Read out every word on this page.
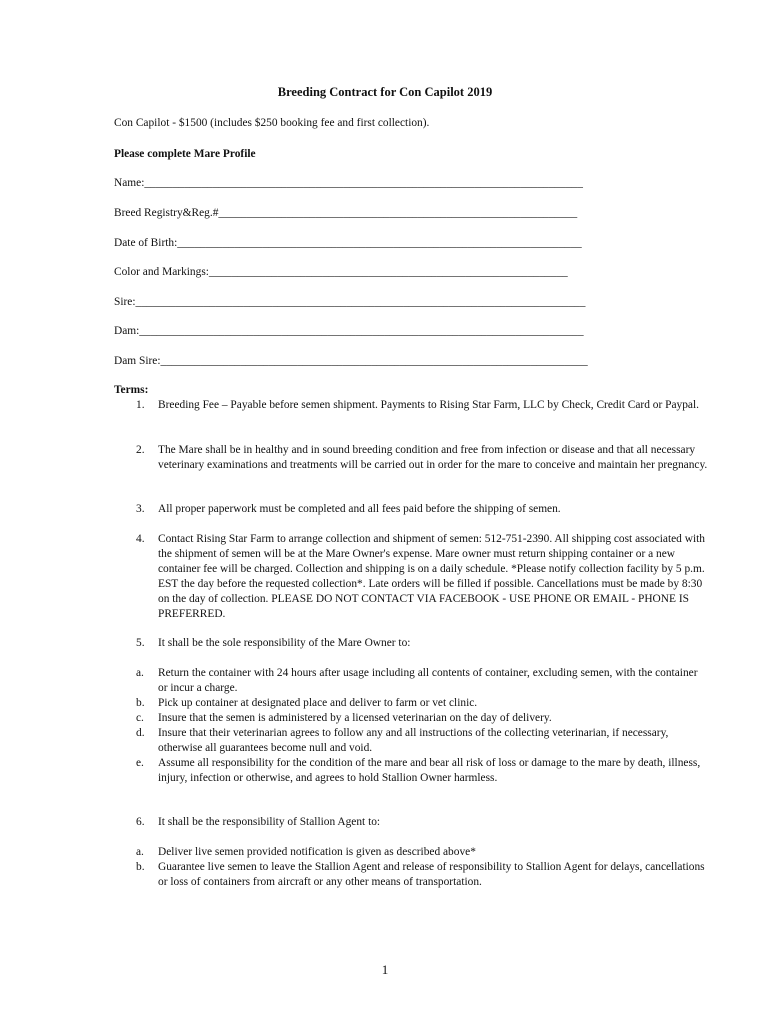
Breeding Contract for Con Capilot 2019
Con Capilot - $1500 (includes $250 booking fee and first collection).
Please complete Mare Profile
Name:_____________________________________________________________________________
Breed Registry&Reg.#_______________________________________________________________
Date of Birth:_______________________________________________________________________
Color and Markings:_______________________________________________________________
Sire:_______________________________________________________________________________
Dam:______________________________________________________________________________
Dam Sire:___________________________________________________________________________
Terms:
1. Breeding Fee – Payable before semen shipment. Payments to Rising Star Farm, LLC by Check, Credit Card or Paypal.
2. The Mare shall be in healthy and in sound breeding condition and free from infection or disease and that all necessary veterinary examinations and treatments will be carried out in order for the mare to conceive and maintain her pregnancy.
3. All proper paperwork must be completed and all fees paid before the shipping of semen.
4. Contact Rising Star Farm to arrange collection and shipment of semen: 512-751-2390. All shipping cost associated with the shipment of semen will be at the Mare Owner's expense. Mare owner must return shipping container or a new container fee will be charged. Collection and shipping is on a daily schedule. *Please notify collection facility by 5 p.m. EST the day before the requested collection*. Late orders will be filled if possible. Cancellations must be made by 8:30 on the day of collection. PLEASE DO NOT CONTACT VIA FACEBOOK - USE PHONE OR EMAIL - PHONE IS PREFERRED.
5. It shall be the sole responsibility of the Mare Owner to:
a. Return the container with 24 hours after usage including all contents of container, excluding semen, with the container or incur a charge.
b. Pick up container at designated place and deliver to farm or vet clinic.
c. Insure that the semen is administered by a licensed veterinarian on the day of delivery.
d. Insure that their veterinarian agrees to follow any and all instructions of the collecting veterinarian, if necessary, otherwise all guarantees become null and void.
e. Assume all responsibility for the condition of the mare and bear all risk of loss or damage to the mare by death, illness, injury, infection or otherwise, and agrees to hold Stallion Owner harmless.
6. It shall be the responsibility of Stallion Agent to:
a. Deliver live semen provided notification is given as described above*
b. Guarantee live semen to leave the Stallion Agent and release of responsibility to Stallion Agent for delays, cancellations or loss of containers from aircraft or any other means of transportation.
1
